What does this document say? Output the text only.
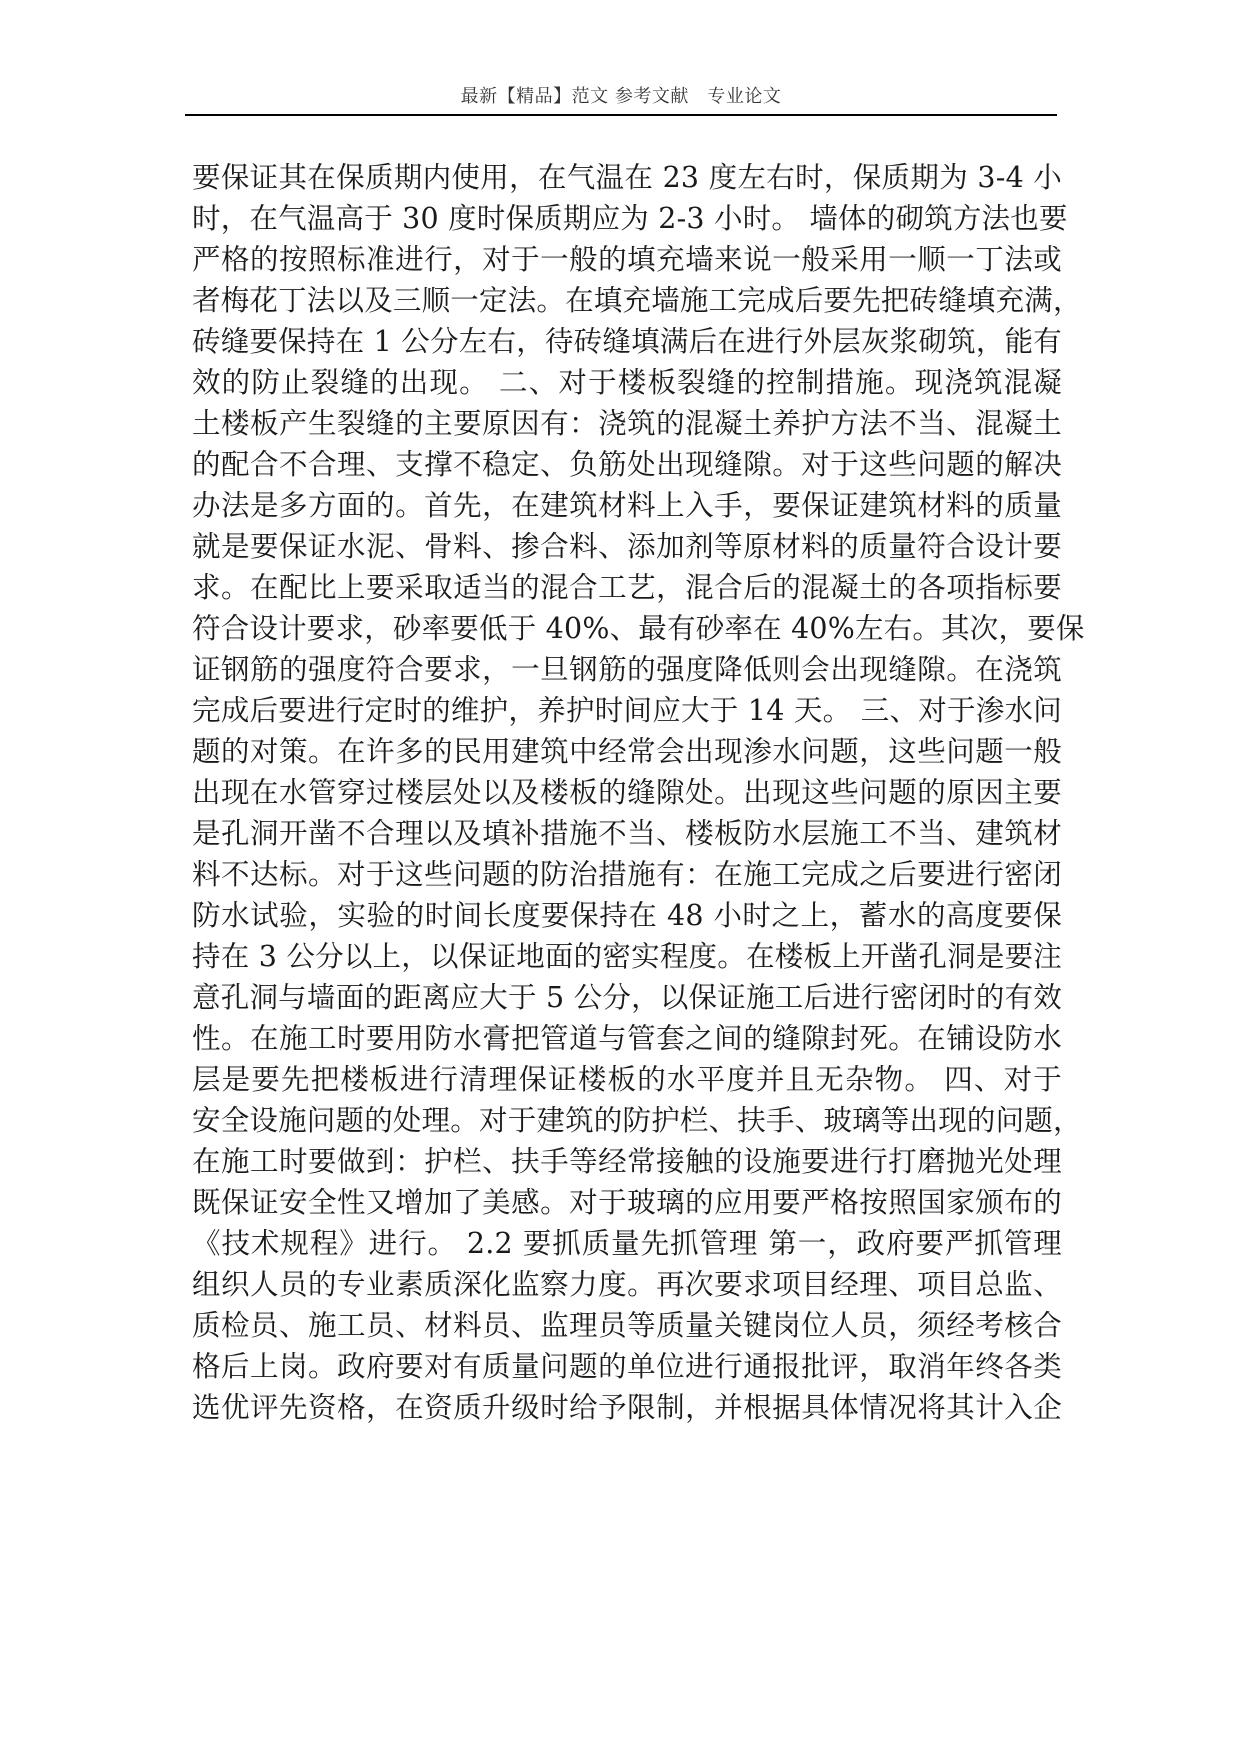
最新【精品】范文 参考文献　专业论文
要保证其在保质期内使用，在气温在 23 度左右时，保质期为 3-4 小
时，在气温高于 30 度时保质期应为 2-3 小时。 墙体的砌筑方法也要
严格的按照标准进行，对于一般的填充墙来说一般采用一顺一丁法或
者梅花丁法以及三顺一定法。在填充墙施工完成后要先把砖缝填充满，
砖缝要保持在 1 公分左右，待砖缝填满后在进行外层灰浆砌筑，能有
效的防止裂缝的出现。 二、对于楼板裂缝的控制措施。现浇筑混凝
土楼板产生裂缝的主要原因有：浇筑的混凝土养护方法不当、混凝土
的配合不合理、支撑不稳定、负筋处出现缝隙。对于这些问题的解决
办法是多方面的。首先，在建筑材料上入手，要保证建筑材料的质量
就是要保证水泥、骨料、掺合料、添加剂等原材料的质量符合设计要
求。在配比上要采取适当的混合工艺，混合后的混凝土的各项指标要
符合设计要求，砂率要低于 40%、最有砂率在 40%左右。其次，要保
证钢筋的强度符合要求，一旦钢筋的强度降低则会出现缝隙。在浇筑
完成后要进行定时的维护，养护时间应大于 14 天。 三、对于渗水问
题的对策。在许多的民用建筑中经常会出现渗水问题，这些问题一般
出现在水管穿过楼层处以及楼板的缝隙处。出现这些问题的原因主要
是孔洞开凿不合理以及填补措施不当、楼板防水层施工不当、建筑材
料不达标。对于这些问题的防治措施有：在施工完成之后要进行密闭
防水试验，实验的时间长度要保持在 48 小时之上，蓄水的高度要保
持在 3 公分以上，以保证地面的密实程度。在楼板上开凿孔洞是要注
意孔洞与墙面的距离应大于 5 公分，以保证施工后进行密闭时的有效
性。在施工时要用防水膏把管道与管套之间的缝隙封死。在铺设防水
层是要先把楼板进行清理保证楼板的水平度并且无杂物。 四、对于
安全设施问题的处理。对于建筑的防护栏、扶手、玻璃等出现的问题，
在施工时要做到：护栏、扶手等经常接触的设施要进行打磨抛光处理
既保证安全性又增加了美感。对于玻璃的应用要严格按照国家颁布的
《技术规程》进行。 2.2 要抓质量先抓管理 第一，政府要严抓管理
组织人员的专业素质深化监察力度。再次要求项目经理、项目总监、
质检员、施工员、材料员、监理员等质量关键岗位人员，须经考核合
格后上岗。政府要对有质量问题的单位进行通报批评，取消年终各类
选优评先资格，在资质升级时给予限制，并根据具体情况将其计入企
